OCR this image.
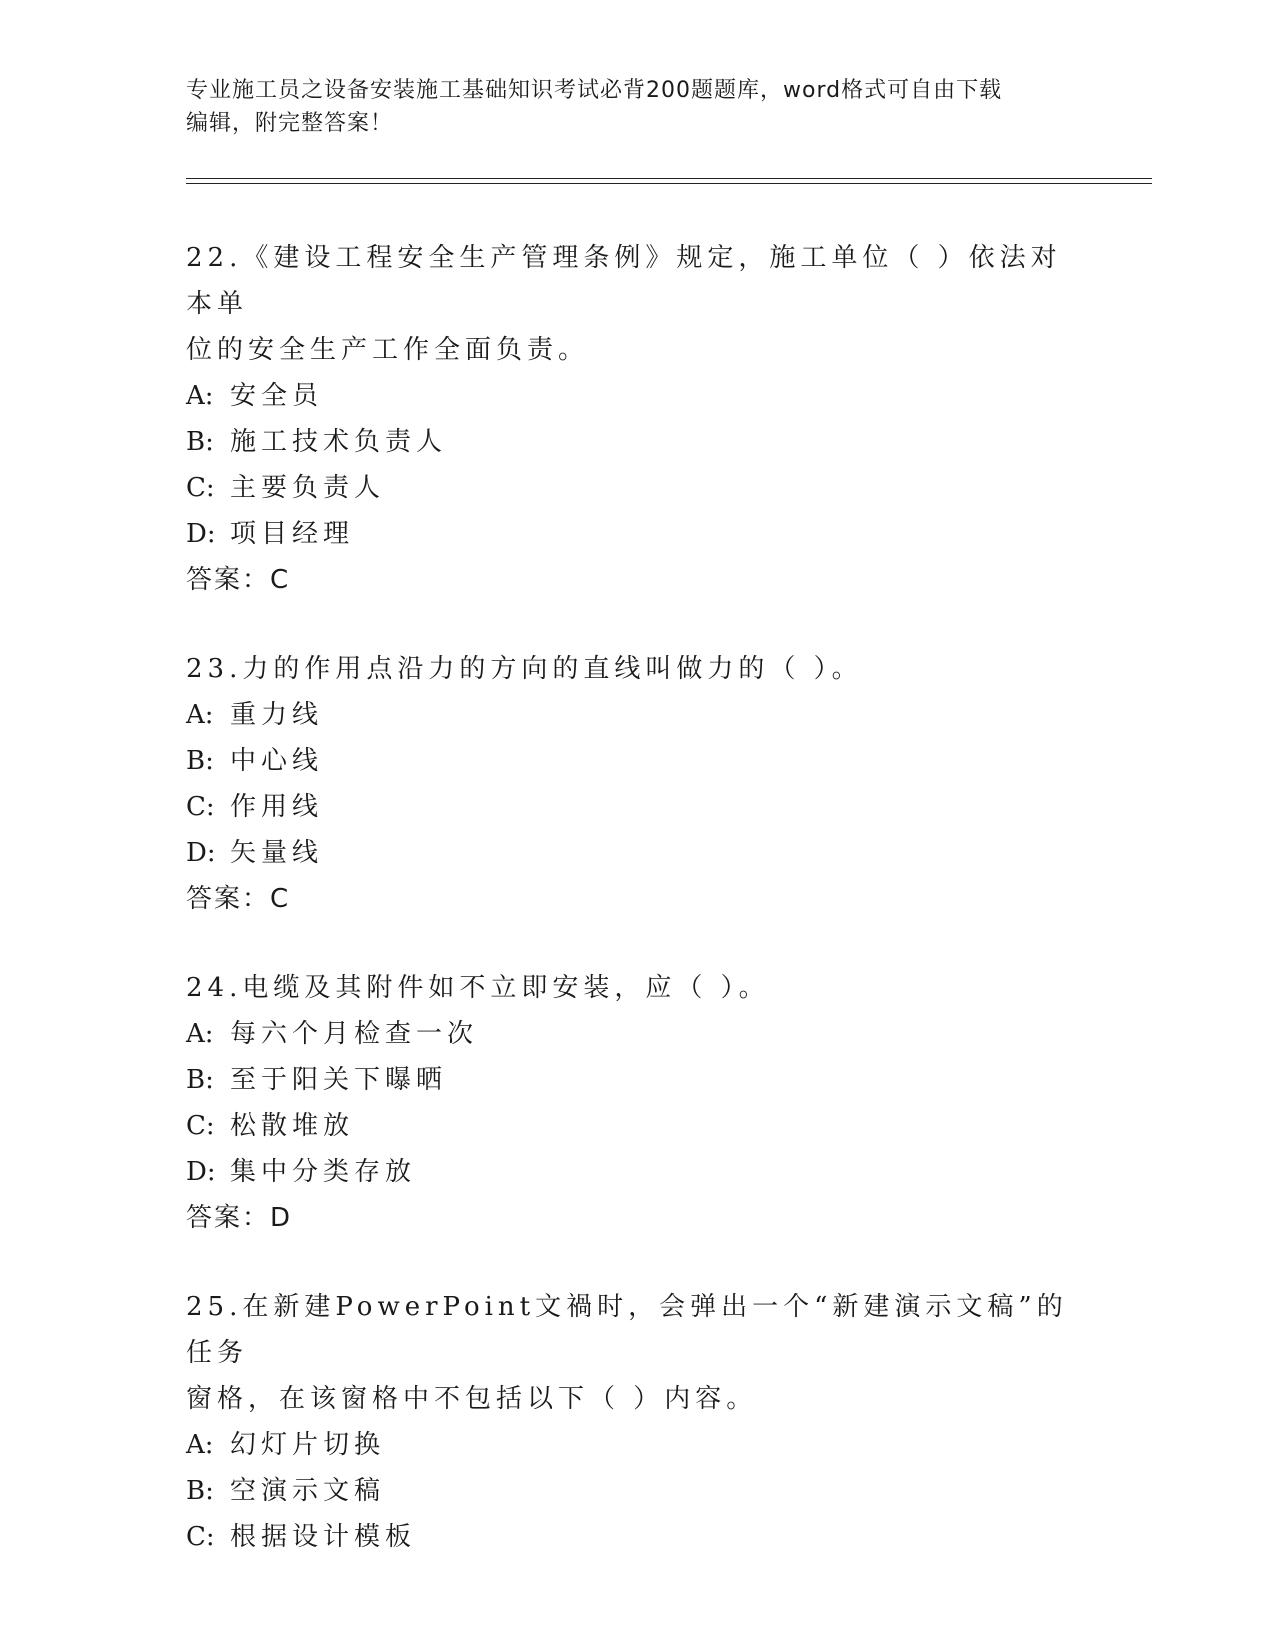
专业施工员之设备安装施工基础知识考试必背200题题库，word格式可自由下载
编辑，附完整答案！

22.《建设工程安全生产管理条例》规定，施工单位（ ）依法对本单

位的安全生产工作全面负责。

A: 安全员

B: 施工技术负责人

C: 主要负责人

D: 项目经理

答案：C

23.力的作用点沿力的方向的直线叫做力的（ ）。

A: 重力线

B: 中心线

C: 作用线

D: 矢量线

答案：C

24.电缆及其附件如不立即安装，应（ ）。

A: 每六个月检查一次

B: 至于阳关下曝晒

C: 松散堆放

D: 集中分类存放

答案：D

25.在新建PowerPoint文禍时，会弹出一个“新建演示文稿”的任务

窗格，在该窗格中不包括以下（ ）内容。

A: 幻灯片切换

B: 空演示文稿

C: 根据设计模板
